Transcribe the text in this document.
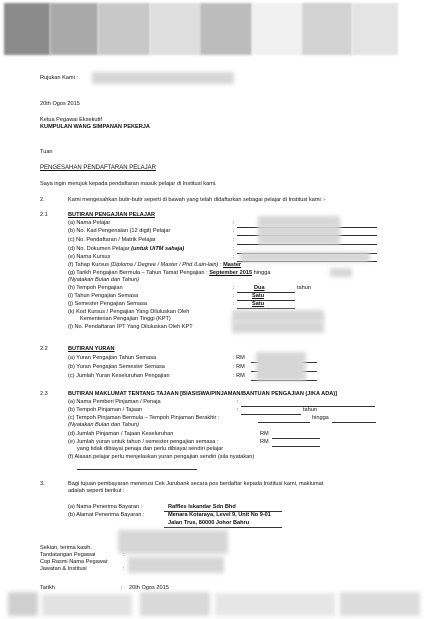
Rujukan Kami :
20th Ogos 2015
Ketua Pegawai Eksekutif
KUMPULAN WANG SIMPANAN PEKERJA
Tuan
PENGESAHAN PENDAFTARAN PELAJAR
Saya ingin merujuk kepada pendaftaran masuk pelajar di Institusi kami.
2.	Kami mengesahkan butir-butir seperti di bawah yang telah didaftarkan sebagai pelajar di Institusi kami :-
2.1	BUTIRAN PENGAJIAN PELAJAR
(a) Nama Pelajar	:
(b) No. Kad Pengenalan (12 digit) Pelajar	:
(c) No. Pendaftaran / Matrik Pelajar	:
(d) No. Dokumen Pelajar (untuk UiTM sahaja)	:
(e) Nama Kursus	:
(f) Tahap Kursus (Diploma / Degree / Master / Phd /Lain-lain) : Master
(g) Tarikh Pengajian Bermula – Tahun Tamat Pengajian : September 2015 hingga
(Nyatakan Bulan dan Tahun)
(h) Tempoh Pengajian	:	Dua	tahun
(i) Tahun Pengajian Semasa	:	Satu
(j) Semester Pengajian Semasa	:	Satu
(k) Kod Kursus / Pengajian Yang Diluluskan Oleh
Kementerian Pengajian Tinggi (KPT)
(l) No. Pendaftaran IPT Yang Diluluskan Oleh KPT
2.2	BUTIRAN YURAN
(a) Yuran Pengajian Tahun Semasa	: RM
(b) Yuran Pengajian Semester Semasa	: RM
(c) Jumlah Yuran Keseluruhan Pengajian	: RM
2.3	BUTIRAN MAKLUMAT TENTANG TAJAAN [BIASISWA/PINJAMAN/BANTUAN PENGAJIAN (JIKA ADA)]
(a) Nama Pemberi Pinjaman / Penaja	:
(b) Tempoh Pinjaman / Tajaan	:	tahun
(c) Tempoh Pinjaman Bermula – Tempoh Pinjaman Berakhir :	hingga
(Nyatakan Bulan dan Tahun)
(d) Jumlah Pinjaman / Tajaan Keseluruhan	RM
(e) Jumlah yuran untuk tahun / semester pengajian semasa :	RM
yang tidak dibiayai penaja dan perlu dibiayai sendiri pelajar
(f) Alasan pelajar perlu menjelaskan yuran pengajian sendiri (sila nyatakan)
3.	Bagi tujuan pembayaran menerusi Cek Jurubank secara pos berdaftar kepada Institusi kami, maklumat
adalah seperti berikut :
(a) Nama Penerima Bayaran :	Raffles Iskandar Sdn Bhd
(b) Alamat Penerima Bayaran :	Menara Kotaraya, Level 9, Unit No 9-01
Jalan Trus, 80000 Johor Bahru
Sekian, terima kasih.
Tandatangan Pegawai
Cop Rasmi Nama Pegawai:
Jawatan & Institusi
:
:
Tarikh	: 20th Ogos 2015
